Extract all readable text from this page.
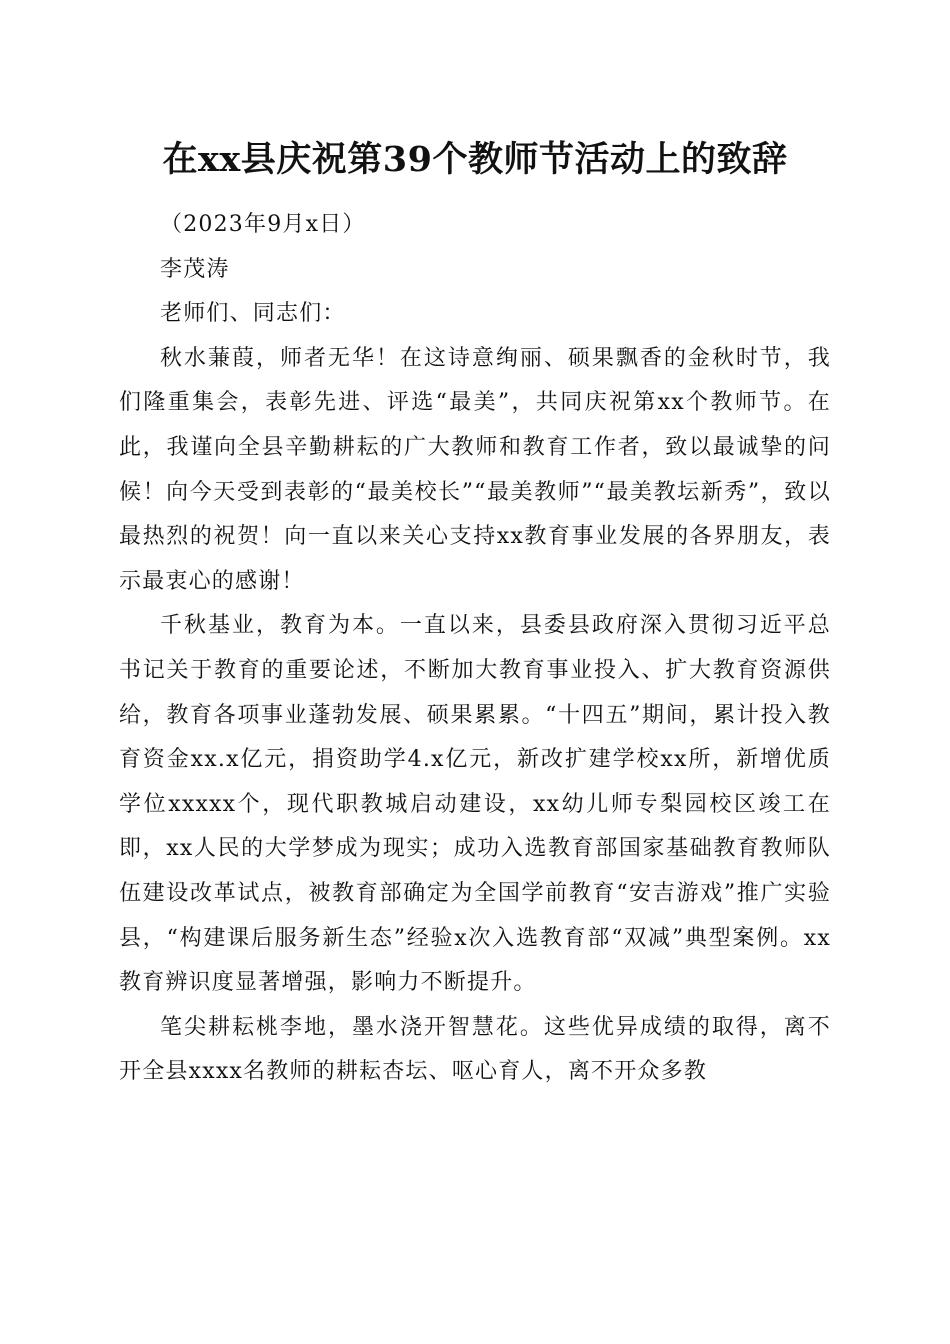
在xx县庆祝第39个教师节活动上的致辞

（2023年9月x日）

李茂涛

老师们、同志们：

秋水蒹葭，师者无华！在这诗意绚丽、硕果飘香的金秋时节，我们隆重集会，表彰先进、评选“最美”，共同庆祝第xx个教师节。在此，我谨向全县辛勤耕耘的广大教师和教育工作者，致以最诚挚的问候！向今天受到表彰的“最美校长”“最美教师”“最美教坛新秀”，致以最热烈的祝贺！向一直以来关心支持xx教育事业发展的各界朋友，表示最衷心的感谢！

千秋基业，教育为本。一直以来，县委县政府深入贯彻习近平总书记关于教育的重要论述，不断加大教育事业投入、扩大教育资源供给，教育各项事业蓬勃发展、硕果累累。“十四五”期间，累计投入教育资金xx.x亿元，捐资助学4.x亿元，新改扩建学校xx所，新增优质学位xxxxx个，现代职教城启动建设，xx幼儿师专梨园校区竣工在即，xx人民的大学梦成为现实；成功入选教育部国家基础教育教师队伍建设改革试点，被教育部确定为全国学前教育“安吉游戏”推广实验县，“构建课后服务新生态”经验x次入选教育部“双减”典型案例。xx教育辨识度显著增强，影响力不断提升。

笔尖耕耘桃李地，墨水浇开智慧花。这些优异成绩的取得，离不开全县xxxx名教师的耕耘杏坛、呕心育人，离不开众多教
